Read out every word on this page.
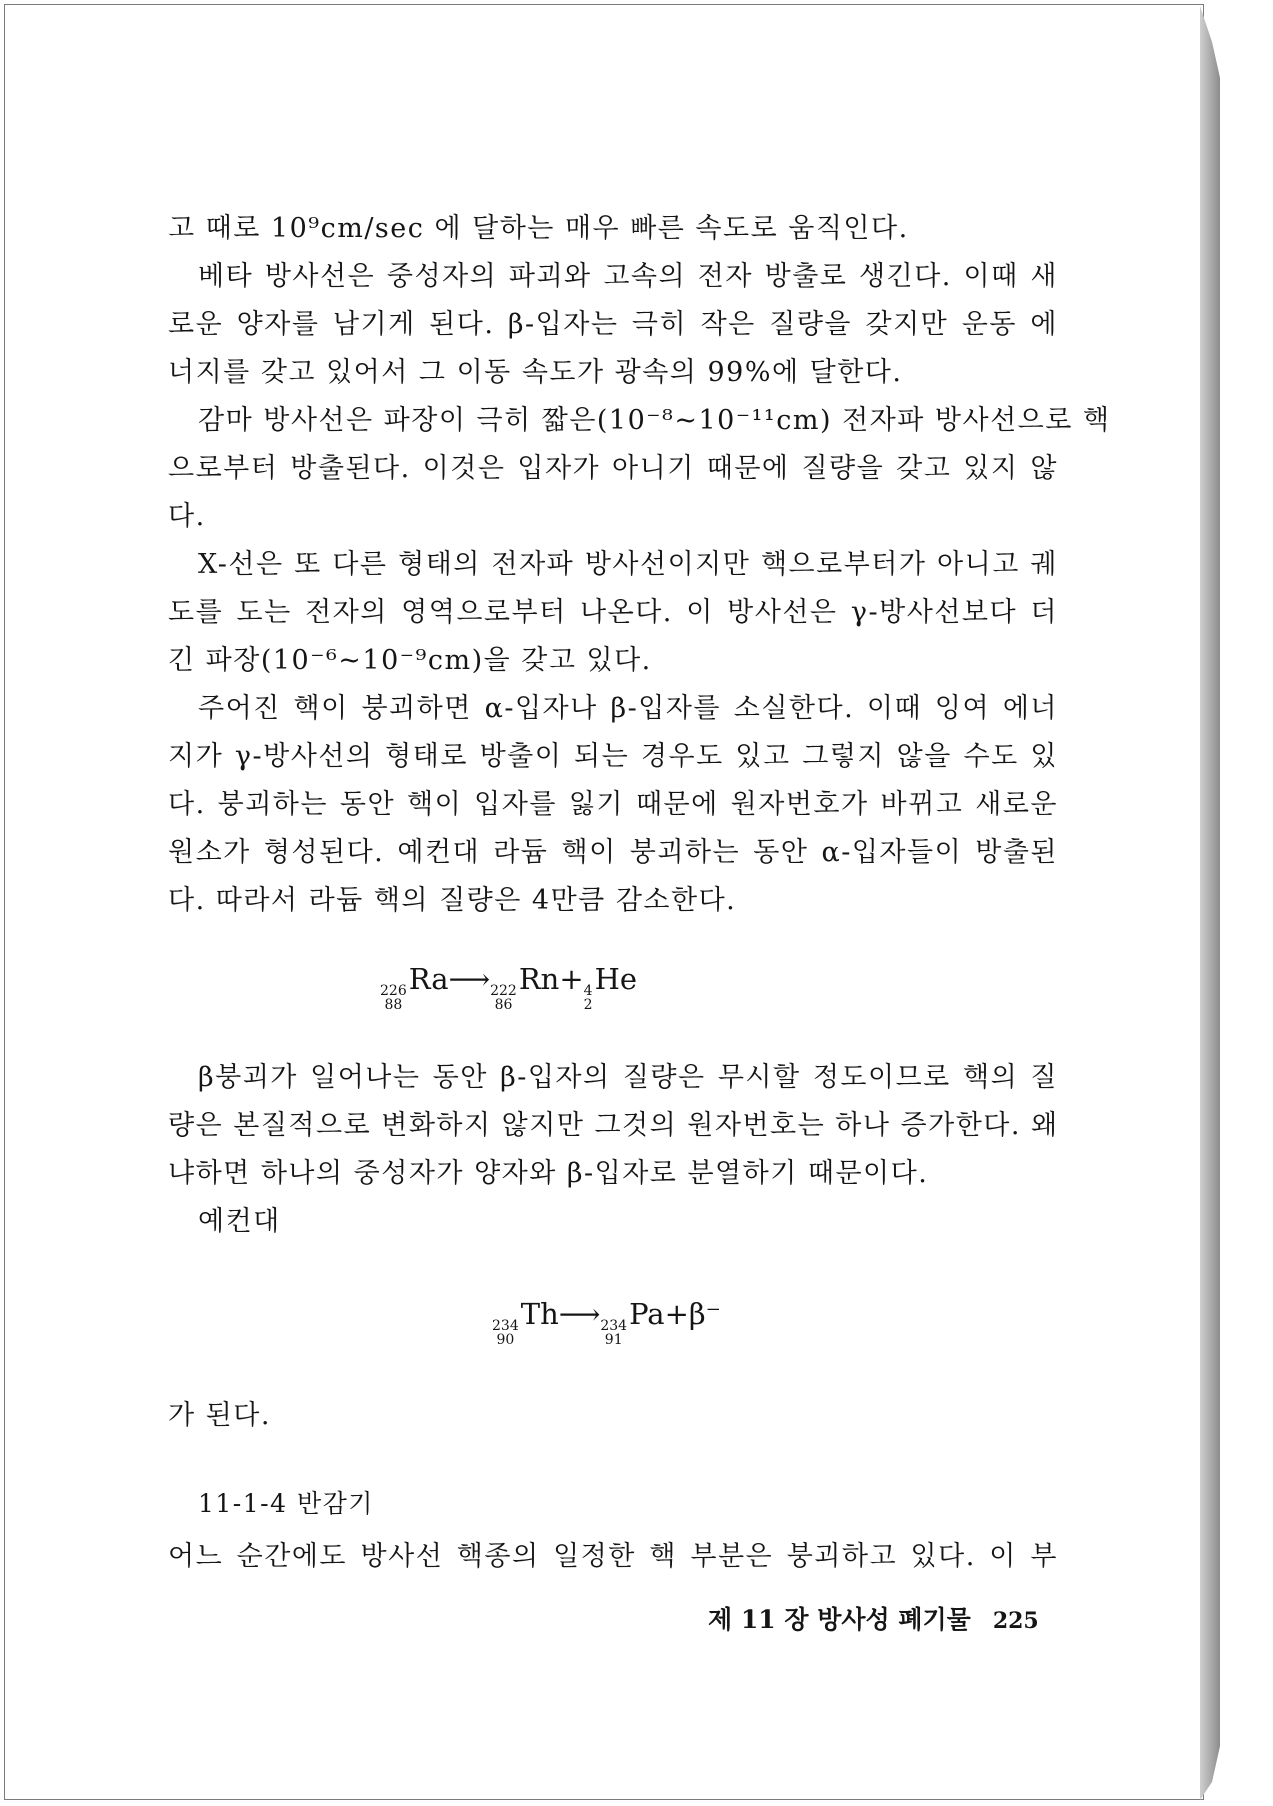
고 때로 10⁹cm/sec 에 달하는 매우 빠른 속도로 움직인다.
베타 방사선은 중성자의 파괴와 고속의 전자 방출로 생긴다. 이때 새
로운 양자를 남기게 된다. β-입자는 극히 작은 질량을 갖지만 운동 에
너지를 갖고 있어서 그 이동 속도가 광속의 99%에 달한다.
감마 방사선은 파장이 극히 짧은(10⁻⁸~10⁻¹¹cm) 전자파 방사선으로 핵
으로부터 방출된다. 이것은 입자가 아니기 때문에 질량을 갖고 있지 않
다.
X-선은 또 다른 형태의 전자파 방사선이지만 핵으로부터가 아니고 궤
도를 도는 전자의 영역으로부터 나온다. 이 방사선은 γ-방사선보다 더
긴 파장(10⁻⁶~10⁻⁹cm)을 갖고 있다.
주어진 핵이 붕괴하면 α-입자나 β-입자를 소실한다. 이때 잉여 에너
지가 γ-방사선의 형태로 방출이 되는 경우도 있고 그렇지 않을 수도 있
다. 붕괴하는 동안 핵이 입자를 잃기 때문에 원자번호가 바뀌고 새로운
원소가 형성된다. 예컨대 라듐 핵이 붕괴하는 동안 α-입자들이 방출된
다. 따라서 라듐 핵의 질량은 4만큼 감소한다.
226
88
Ra⟶ 222
86
Rn+ 4
2
He
β붕괴가 일어나는 동안 β-입자의 질량은 무시할 정도이므로 핵의 질
량은 본질적으로 변화하지 않지만 그것의 원자번호는 하나 증가한다. 왜
냐하면 하나의 중성자가 양자와 β-입자로 분열하기 때문이다.
예컨대
234
90
Th⟶ 234
91
Pa+β⁻
가 된다.
11-1-4 반감기
어느 순간에도 방사선 핵종의 일정한 핵 부분은 붕괴하고 있다. 이 부
제 11 장 방사성 폐기물 225
